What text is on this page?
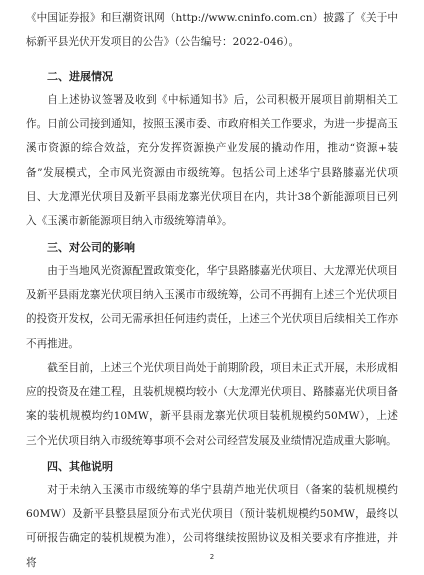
《中国证券报》和巨潮资讯网（http://www.cninfo.com.cn）披露了《关于中标新平县光伏开发项目的公告》（公告编号：2022-046）。

二、进展情况

自上述协议签署及收到《中标通知书》后，公司积极开展项目前期相关工作。日前公司接到通知，按照玉溪市委、市政府相关工作要求，为进一步提高玉溪市资源的综合效益，充分发挥资源换产业发展的撬动作用，推动“资源+装备”发展模式，全市风光资源由市级统筹。包括公司上述华宁县路膝嘉光伏项目、大龙潭光伏项目及新平县雨龙寨光伏项目在内，共计38个新能源项目已列入《玉溪市新能源项目纳入市级统筹清单》。

三、对公司的影响

由于当地风光资源配置政策变化，华宁县路膝嘉光伏项目、大龙潭光伏项目及新平县雨龙寨光伏项目纳入玉溪市市级统筹，公司不再拥有上述三个光伏项目的投资开发权，公司无需承担任何违约责任，上述三个光伏项目后续相关工作亦不再推进。

截至目前，上述三个光伏项目尚处于前期阶段，项目未正式开展，未形成相应的投资及在建工程，且装机规模均较小（大龙潭光伏项目、路膝嘉光伏项目备案的装机规模均约10MW，新平县雨龙寨光伏项目装机规模约50MW），上述三个光伏项目纳入市级统筹事项不会对公司经营发展及业绩情况造成重大影响。

四、其他说明

对于未纳入玉溪市市级统筹的华宁县葫芦地光伏项目（备案的装机规模约60MW）及新平县整县屋顶分布式光伏项目（预计装机规模约50MW，最终以可研报告确定的装机规模为准），公司将继续按照协议及相关要求有序推进，并将	2
